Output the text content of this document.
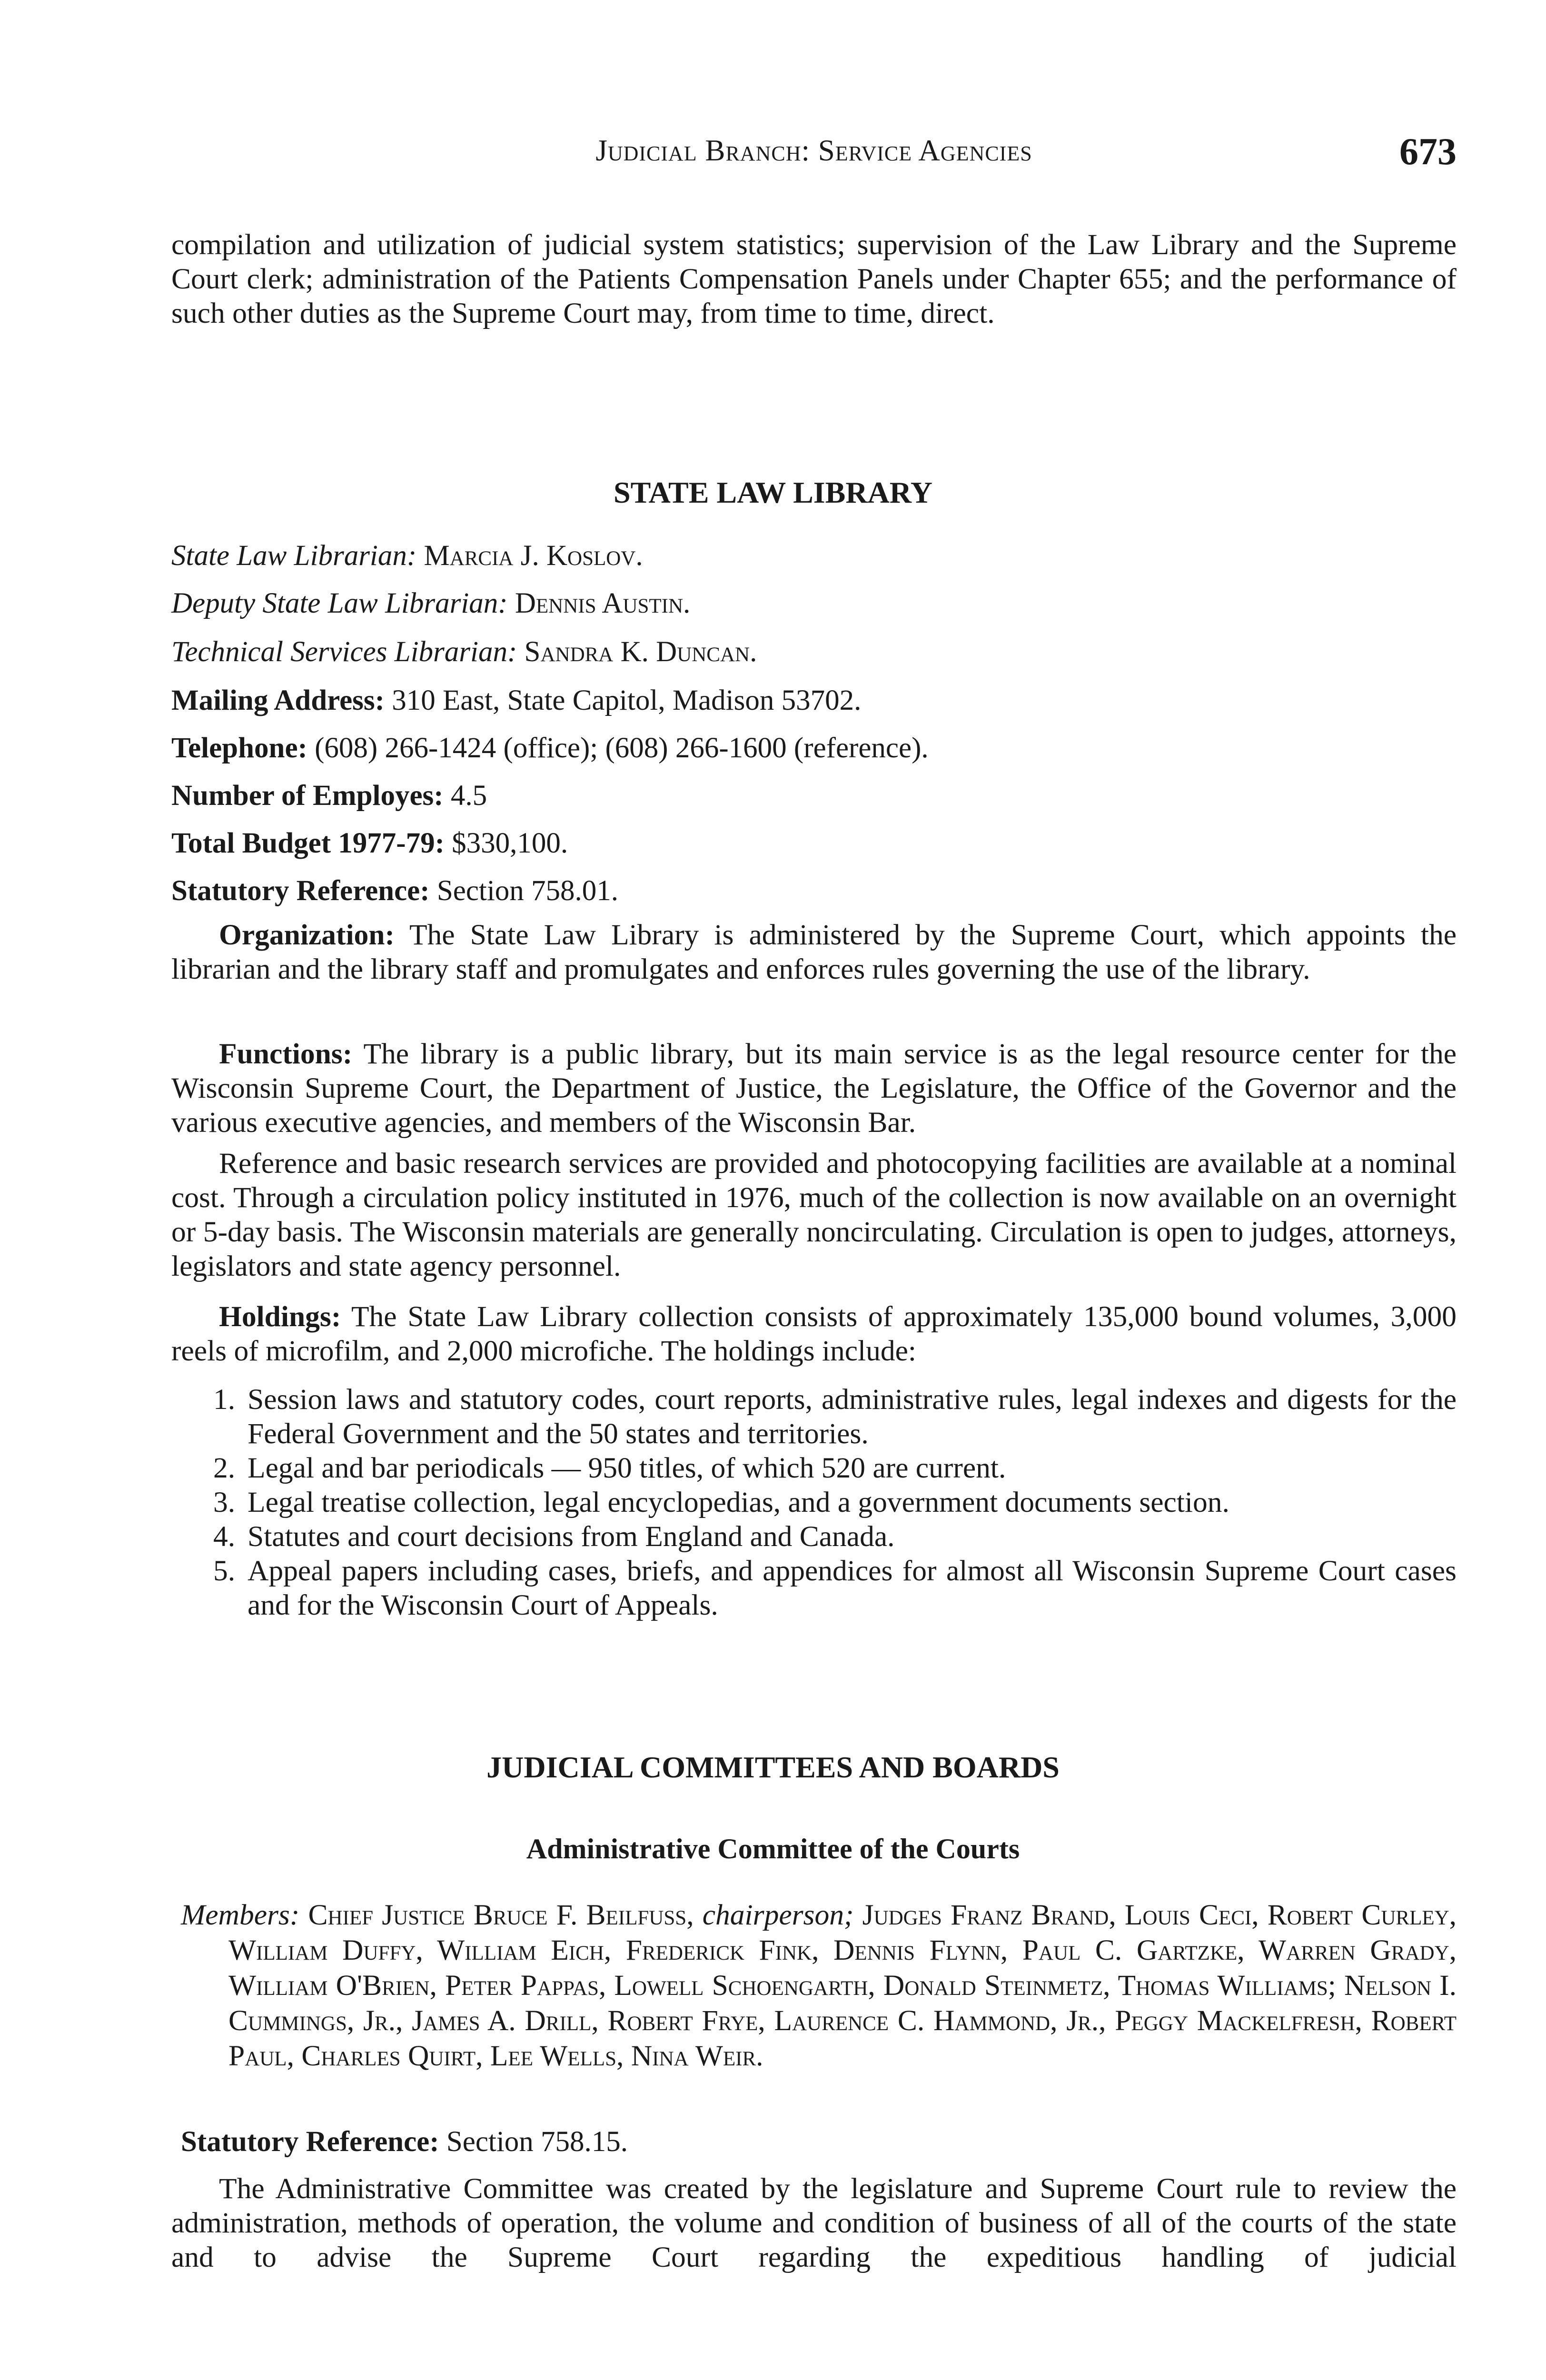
Judicial Branch: Service Agencies	673

compilation and utilization of judicial system statistics; supervision of the Law Library and the Supreme Court clerk; administration of the Patients Compensation Panels under Chapter 655; and the performance of such other duties as the Supreme Court may, from time to time, direct.

STATE LAW LIBRARY
State Law Librarian: Marcia J. Koslov.
Deputy State Law Librarian: Dennis Austin.
Technical Services Librarian: Sandra K. Duncan.
Mailing Address: 310 East, State Capitol, Madison 53702.
Telephone: (608) 266-1424 (office); (608) 266-1600 (reference).
Number of Employes: 4.5
Total Budget 1977-79: $330,100.
Statutory Reference: Section 758.01.

Organization: The State Law Library is administered by the Supreme Court, which appoints the librarian and the library staff and promulgates and enforces rules governing the use of the library.

Functions: The library is a public library, but its main service is as the legal resource center for the Wisconsin Supreme Court, the Department of Justice, the Legislature, the Office of the Governor and the various executive agencies, and members of the Wisconsin Bar.

Reference and basic research services are provided and photocopying facilities are available at a nominal cost. Through a circulation policy instituted in 1976, much of the collection is now available on an overnight or 5-day basis. The Wisconsin materials are generally noncirculating. Circulation is open to judges, attorneys, legislators and state agency personnel.

Holdings: The State Law Library collection consists of approximately 135,000 bound volumes, 3,000 reels of microfilm, and 2,000 microfiche. The holdings include:

1. Session laws and statutory codes, court reports, administrative rules, legal indexes and digests for the Federal Government and the 50 states and territories.
2. Legal and bar periodicals — 950 titles, of which 520 are current.
3. Legal treatise collection, legal encyclopedias, and a government documents section.
4. Statutes and court decisions from England and Canada.
5. Appeal papers including cases, briefs, and appendices for almost all Wisconsin Supreme Court cases and for the Wisconsin Court of Appeals.
JUDICIAL COMMITTEES AND BOARDS
Administrative Committee of the Courts

Members: Chief Justice Bruce F. Beilfuss, chairperson; Judges Franz Brand, Louis Ceci, Robert Curley, William Duffy, William Eich, Frederick Fink, Dennis Flynn, Paul C. Gartzke, Warren Grady, William O'Brien, Peter Pappas, Lowell Schoengarth, Donald Steinmetz, Thomas Williams; Nelson I. Cummings, Jr., James A. Drill, Robert Frye, Laurence C. Hammond, Jr., Peggy Mackelfresh, Robert Paul, Charles Quirt, Lee Wells, Nina Weir.

Statutory Reference: Section 758.15.

The Administrative Committee was created by the legislature and Supreme Court rule to review the administration, methods of operation, the volume and condition of business of all of the courts of the state and to advise the Supreme Court regarding the expeditious handling of judicial
